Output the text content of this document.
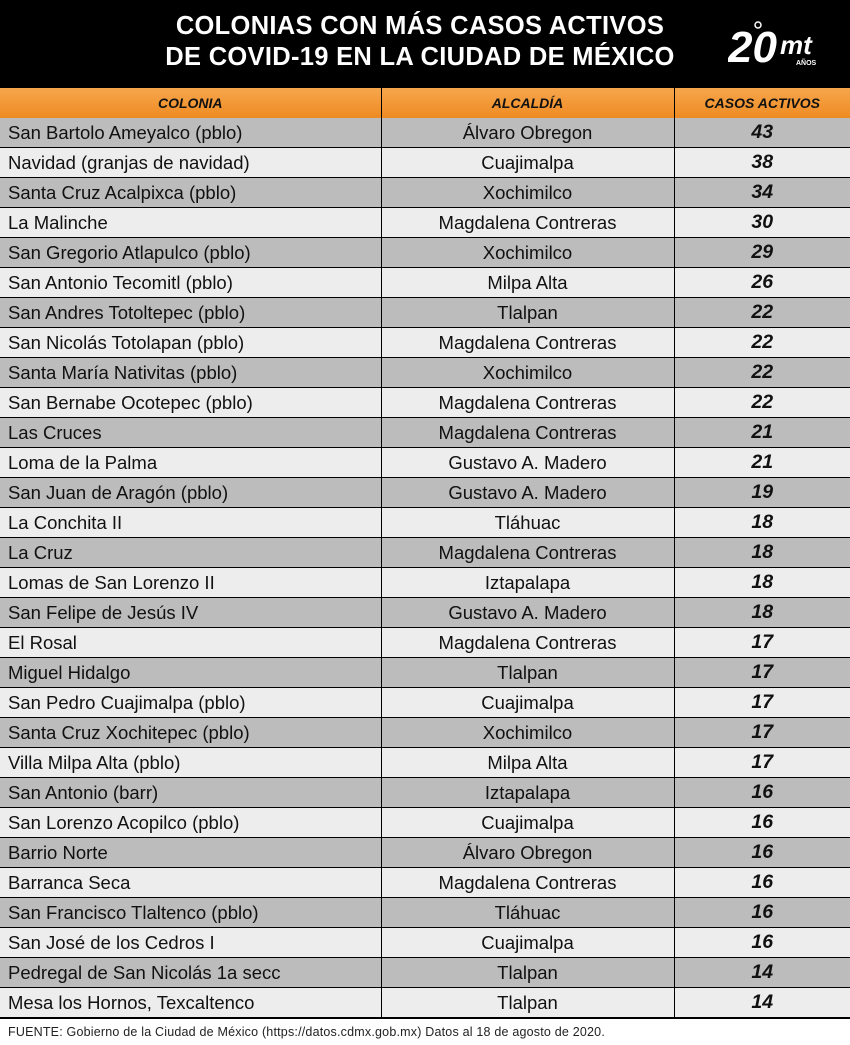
COLONIAS CON MÁS CASOS ACTIVOS
DE COVID-19 EN LA CIUDAD DE MÉXICO	20 mt
AÑOS
COLONIA	ALCALDÍA	CASOS ACTIVOS
San Bartolo Ameyalco (pblo)	Álvaro Obregon	43
Navidad (granjas de navidad)	Cuajimalpa	38
Santa Cruz Acalpixca (pblo)	Xochimilco	34
La Malinche	Magdalena Contreras	30
San Gregorio Atlapulco (pblo)	Xochimilco	29
San Antonio Tecomitl (pblo)	Milpa Alta	26
San Andres Totoltepec (pblo)	Tlalpan	22
San Nicolás Totolapan (pblo)	Magdalena Contreras	22
Santa María Nativitas (pblo)	Xochimilco	22
San Bernabe Ocotepec (pblo)	Magdalena Contreras	22
Las Cruces	Magdalena Contreras	21
Loma de la Palma	Gustavo A. Madero	21
San Juan de Aragón (pblo)	Gustavo A. Madero	19
La Conchita II	Tláhuac	18
La Cruz	Magdalena Contreras	18
Lomas de San Lorenzo II	Iztapalapa	18
San Felipe de Jesús IV	Gustavo A. Madero	18
El Rosal	Magdalena Contreras	17
Miguel Hidalgo	Tlalpan	17
San Pedro Cuajimalpa (pblo)	Cuajimalpa	17
Santa Cruz Xochitepec (pblo)	Xochimilco	17
Villa Milpa Alta (pblo)	Milpa Alta	17
San Antonio (barr)	Iztapalapa	16
San Lorenzo Acopilco (pblo)	Cuajimalpa	16
Barrio Norte	Álvaro Obregon	16
Barranca Seca	Magdalena Contreras	16
San Francisco Tlaltenco (pblo)	Tláhuac	16
San José de los Cedros I	Cuajimalpa	16
Pedregal de San Nicolás 1a secc	Tlalpan	14
Mesa los Hornos, Texcaltenco	Tlalpan	14
FUENTE: Gobierno de la Ciudad de México (https://datos.cdmx.gob.mx) Datos al 18 de agosto de 2020.
